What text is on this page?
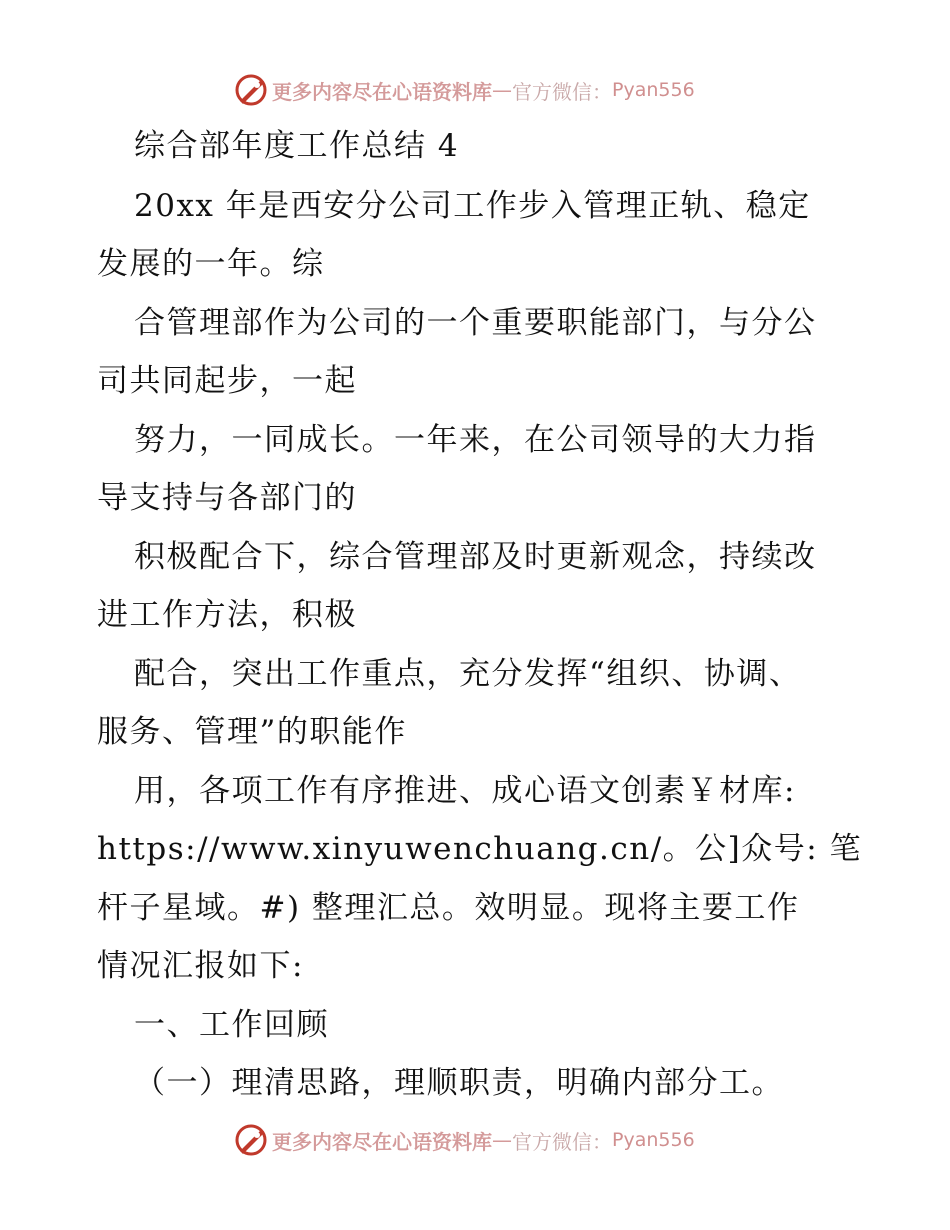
更多内容尽在心语资料库 — 官方微信： Pyan556
综合部年度工作总结 4
20xx 年是西安分公司工作步入管理正轨、稳定
发展的一年。综
合管理部作为公司的一个重要职能部门，与分公
司共同起步，一起
努力，一同成长。一年来，在公司领导的大力指
导支持与各部门的
积极配合下，综合管理部及时更新观念，持续改
进工作方法，积极
配合，突出工作重点，充分发挥“组织、协调、
服务、管理”的职能作
用，各项工作有序推进、成心语文创素￥材库:
https://www.xinyuwenchuang.cn/。公]众号: 笔
杆子星域。#) 整理汇总。效明显。现将主要工作
情况汇报如下:
一、工作回顾
（一）理清思路，理顺职责，明确内部分工。
更多内容尽在心语资料库 — 官方微信： Pyan556
